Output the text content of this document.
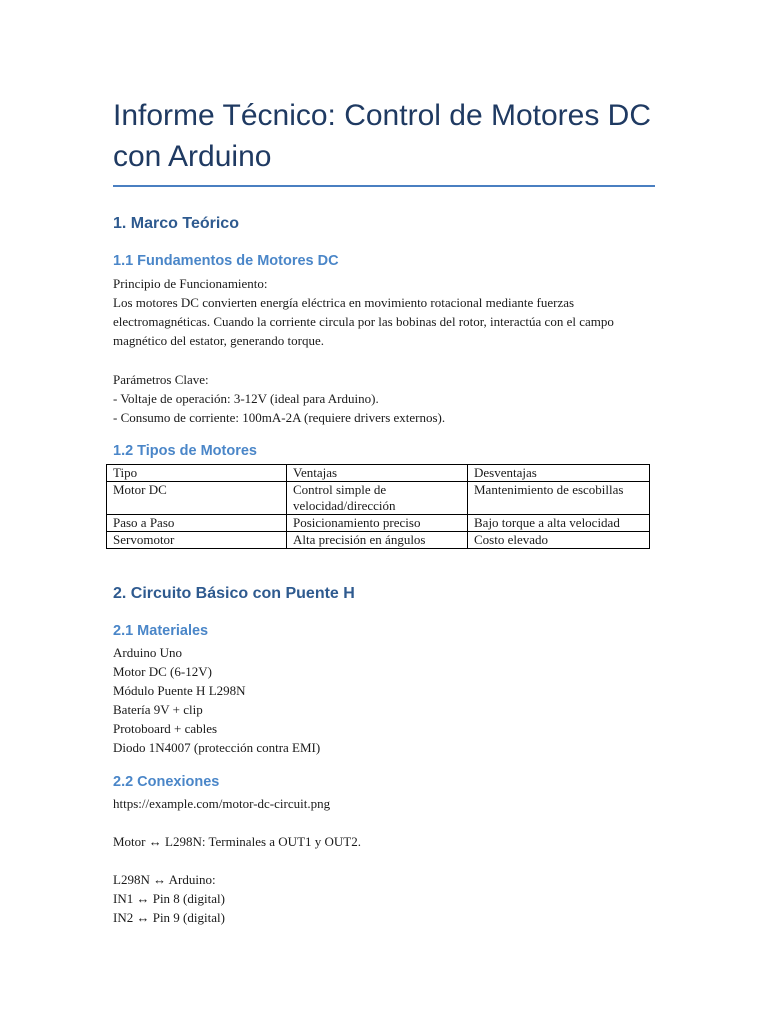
Informe Técnico: Control de Motores DC con Arduino
1. Marco Teórico
1.1 Fundamentos de Motores DC

Principio de Funcionamiento:

Los motores DC convierten energía eléctrica en movimiento rotacional mediante fuerzas electromagnéticas. Cuando la corriente circula por las bobinas del rotor, interactúa con el campo magnético del estator, generando torque.

Parámetros Clave:

- Voltaje de operación: 3-12V (ideal para Arduino).

- Consumo de corriente: 100mA-2A (requiere drivers externos).

1.2 Tipos de Motores
Tipo	Ventajas	Desventajas
Motor DC	Control simple de velocidad/dirección	Mantenimiento de escobillas
Paso a Paso	Posicionamiento preciso	Bajo torque a alta velocidad
Servomotor	Alta precisión en ángulos	Costo elevado
2. Circuito Básico con Puente H
2.1 Materiales

Arduino Uno

Motor DC (6-12V)

Módulo Puente H L298N

Batería 9V + clip

Protoboard + cables

Diodo 1N4007 (protección contra EMI)

2.2 Conexiones

https://example.com/motor-dc-circuit.png

Motor ↔ L298N: Terminales a OUT1 y OUT2.

L298N ↔ Arduino:

IN1 ↔ Pin 8 (digital)

IN2 ↔ Pin 9 (digital)
